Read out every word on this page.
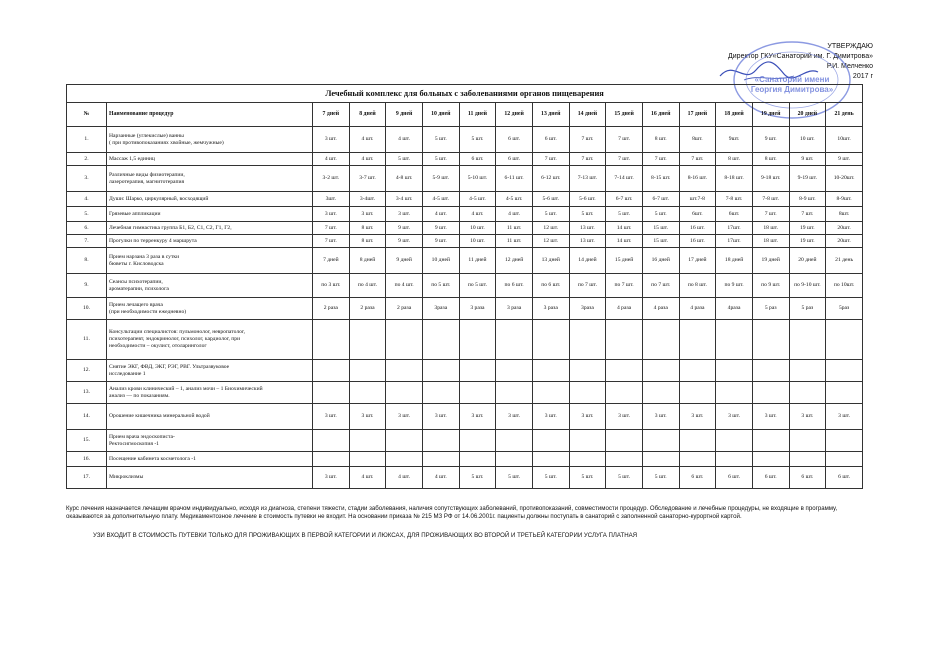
УТВЕРЖДАЮ
Директор ГКУ«Санаторий им. Г. Димитрова»
Р.И. Мелченко
2017 г
«Санаторий имени
Георгия Димитрова»
Лечебный комплекс для больных с заболеваниями органов пищеварения																
№	Наименование процедур	7 дней	8 дней	9 дней	10 дней	11 дней	12 дней	13 дней	14 дней	15 дней	16 дней	17 дней	18 дней	19 дней	20 дней	21 день
1.	Нарзанные (углекислые) ванны
( при противопоказаниях хвойные, жемчужные)	3 шт.	4 шт.	4 шт.	5 шт.	5 шт.	6 шт.	6 шт.	7 шт.	7 шт.	8 шт.	8шт.	9шт.	9 шт.	10 шт.	10шт.
2.	Массаж 1,5 единиц	4 шт.	4 шт.	5 шт.	5 шт.	6 шт.	6 шт.	7 шт.	7 шт.	7 шт.	7 шт.	7 шт.	8 шт.	8 шт.	9 шт.	9 шт.
3.	Различные виды физиотерапии,
лазеротерапия, магнитотерапия	3-2 шт.	3-7 шт.	4-8 шт.	5-9 шт.	5-10 шт.	6-11 шт.	6-12 шт.	7-13 шт.	7-14 шт.	8-15 шт.	8-16 шт.	8-18 шт.	9-18 шт.	9-19 шт.	10-20шт.
4.	Души: Шарко, циркулярный, восходящий	3шт.	3-4шт.	3-4 шт.	4-5 шт.	4-5 шт.	4-5 шт.	5-6 шт.	5-6 шт.	6-7 шт.	6-7 шт.	шт.7-8	7-8 шт.	7-8 шт.	8-9 шт.	8-9шт.
5.	Грязевые аппликации	3 шт.	3 шт.	3 шт.	4 шт.	4 шт.	4 шт.	5 шт.	5 шт.	5 шт.	5 шт.	6шт.	6шт.	7 шт.	7 шт.	8шт.
6.	Лечебная гимнастика группа Б1, Б2, С1, С2, Г1, Г2,	7 шт.	8 шт.	9 шт.	9 шт.	10 шт.	11 шт.	12 шт.	13 шт.	14 шт.	15 шт.	16 шт.	17шт.	18 шт.	19 шт.	20шт.
7.	Прогулки по терренкуру 4 маршрута	7 шт.	8 шт.	9 шт.	9 шт.	10 шт.	11 шт.	12 шт.	13 шт.	14 шт.	15 шт.	16 шт.	17шт.	18 шт.	19 шт.	20шт.
8.	Прием нарзана 3 раза в сутки
бюветы г. Кисловодска	7 дней	8 дней	9 дней	10 дней	11 дней	12 дней	13 дней	14 дней	15 дней	16 дней	17 дней	18 дней	19 дней	20 дней	21 день
9.	Сеансы психотерапии,
ароматерапии, психолога	по 3 шт.	по 4 шт.	по 4 шт.	по 5 шт.	по 5 шт.	по 6 шт.	по 6 шт.	по 7 шт.	по 7 шт.	по 7 шт.	по 8 шт.	по 9 шт.	по 9 шт.	по 9-10 шт.	по 10шт.
10.	Прием лечащего врача
(при необходимости ежедневно)	2 раза	2 раза	2 раза	3раза	3 раза	3 раза	3 раза	3раза	4 раза	4 раза	4 раза	4раза	5 раз	5 раз	5раз
11.	Консультации специалистов: пульмонолог, невропатолог,
психотерапевт, эндокринолог, психолог, кардиолог, при
необходимости – окулист, отоларинголог															
12.	Снятие ЭКГ, ФВД, ЭКГ, РЭГ, РВГ. Ультразвуковое
исследование 1															
13.	Анализ крови клинический – 1, анализ мочи – 1 Биохимический
анализ — по показаниям.															
14.	Орошение кишечника минеральной водой	3 шт.	3 шт.	3 шт.	3 шт.	3 шт.	3 шт.	3 шт.	3 шт.	3 шт.	3 шт.	3 шт.	3 шт.	3 шт.	3 шт.	3 шт.
15.	Прием врача эндоскописта-
Ректосигмоскопия -1															
16.	Посещение кабинета косметолога -1															
17.	Микроклизмы	3 шт.	4 шт.	4 шт.	4 шт.	5 шт.	5 шт.	5 шт.	5 шт.	5 шт.	5 шт.	6 шт.	6 шт.	6 шт.	6 шт.	6 шт.
Курс лечения назначается лечащим врачом индивидуально, исходя из диагноза, степени тяжести, стадии заболевания, наличия сопутствующих заболеваний, противопоказаний, совместимости процедур. Обследование и лечебные процедуры, не входящие в программу, оказываются за дополнительную плату. Медикаментозное лечение в стоимость путевки не входит. На основании приказа № 215 МЗ РФ от 14.06.2001г. пациенты должны поступать в санаторий с заполненной санаторно-курортной картой.
УЗИ ВХОДИТ В СТОИМОСТЬ ПУТЕВКИ ТОЛЬКО ДЛЯ ПРОЖИВАЮЩИХ В ПЕРВОЙ КАТЕГОРИИ И ЛЮКСАХ, ДЛЯ ПРОЖИВАЮЩИХ ВО ВТОРОЙ И ТРЕТЬЕЙ КАТЕГОРИИ УСЛУГА ПЛАТНАЯ
